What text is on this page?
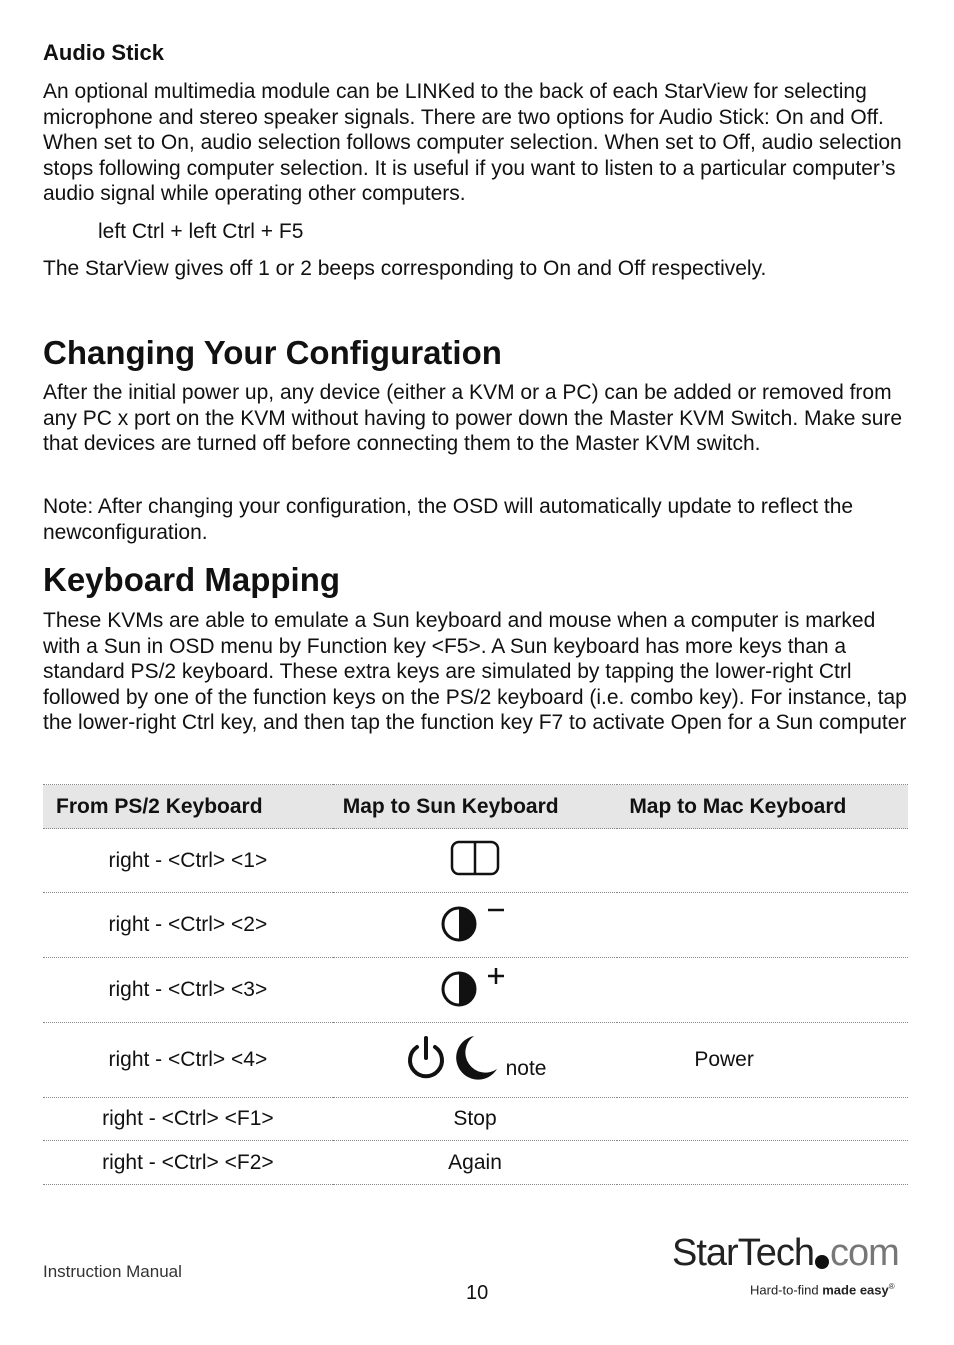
Audio Stick

An optional multimedia module can be LINKed to the back of each StarView for selecting microphone and stereo speaker signals. There are two options for Audio Stick: On and Off. When set to On, audio selection follows computer selection. When set to Off, audio selection stops following computer selection. It is useful if you want to listen to a particular computer’s audio signal while operating other computers.

left Ctrl + left Ctrl + F5

The StarView gives off 1 or 2 beeps corresponding to On and Off respectively.

Changing Your Configuration

After the initial power up, any device (either a KVM or a PC) can be added or removed from any PC x port on the KVM without having to power down the Master KVM Switch. Make sure that devices are turned off before connecting them to the Master KVM switch.

Note: After changing your configuration, the OSD will automatically update to reflect the newconfiguration.

Keyboard Mapping

These KVMs are able to emulate a Sun keyboard and mouse when a computer is marked with a Sun in OSD menu by Function key <F5>. A Sun keyboard has more keys than a standard PS/2 keyboard. These extra keys are simulated by tapping the lower-right Ctrl followed by one of the function keys on the PS/2 keyboard (i.e. combo key). For instance, tap the lower-right Ctrl key, and then tap the function key F7 to activate Open for a Sun computer

From PS/2 Keyboard	Map to Sun Keyboard	Map to Mac Keyboard
right - <Ctrl> <1>		
right - <Ctrl> <2>		
right - <Ctrl> <3>		
right - <Ctrl> <4>	note	Power
right - <Ctrl> <F1>	Stop	
right - <Ctrl> <F2>	Again	
Instruction Manual
10
StarTech com
Hard-to-find made easy®
